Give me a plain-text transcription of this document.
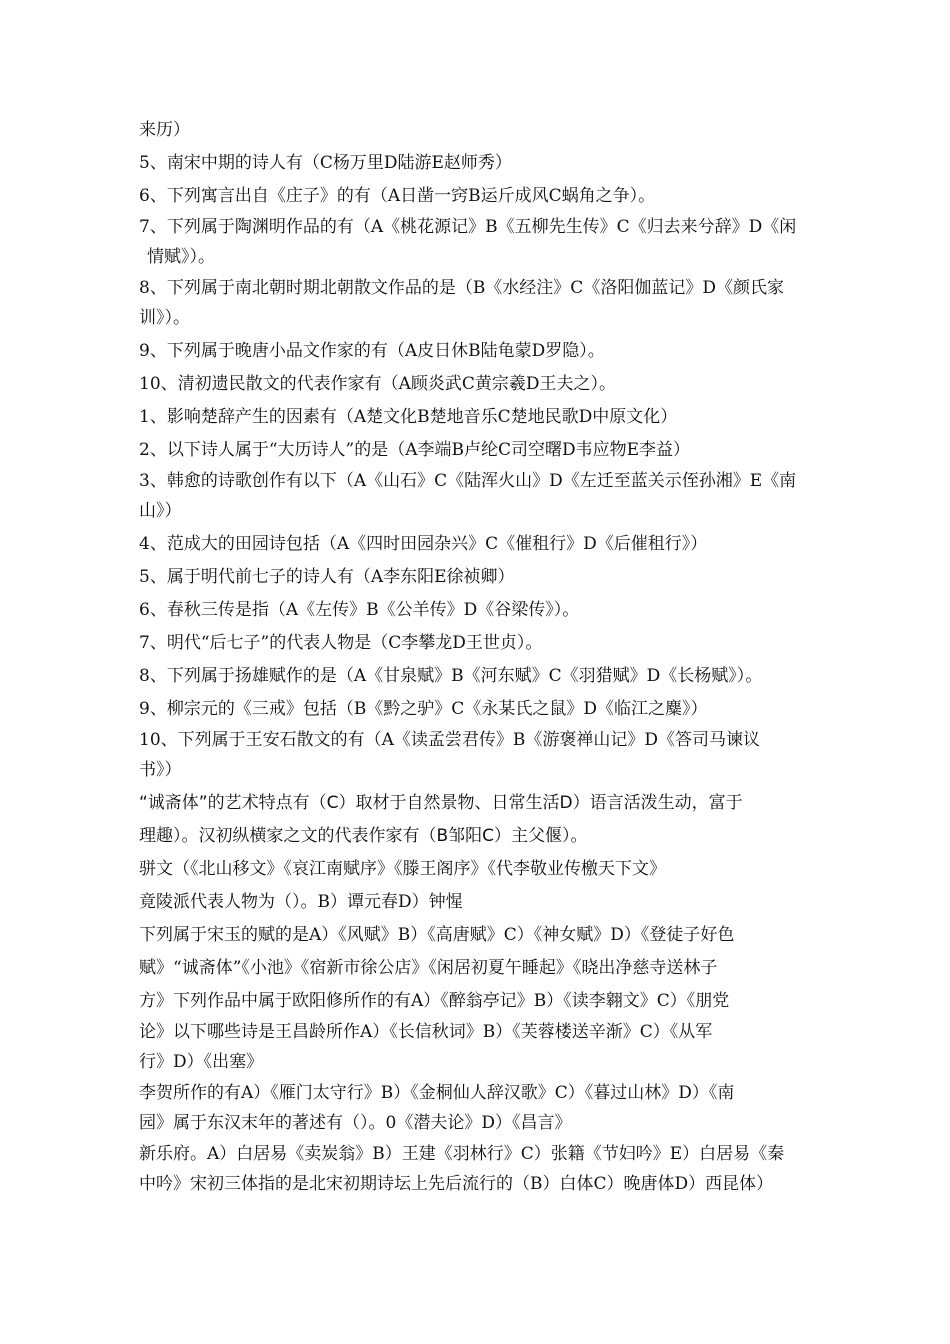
来历）
5、南宋中期的诗人有（C杨万里D陆游E赵师秀）
6、下列寓言出自《庄子》的有（A日凿一窍B运斤成风C蜗角之争）。
7、下列属于陶渊明作品的有（A《桃花源记》B《五柳先生传》C《归去来兮辞》D《闲
情赋》）。
8、下列属于南北朝时期北朝散文作品的是（B《水经注》C《洛阳伽蓝记》D《颜氏家
训》）。
9、下列属于晚唐小品文作家的有（A皮日休B陆龟蒙D罗隐）。
10、清初遗民散文的代表作家有（A顾炎武C黄宗羲D王夫之）。
1、影响楚辞产生的因素有（A楚文化B楚地音乐C楚地民歌D中原文化）
2、以下诗人属于“大历诗人”的是（A李端B卢纶C司空曙D韦应物E李益）
3、韩愈的诗歌创作有以下（A《山石》C《陆浑火山》D《左迁至蓝关示侄孙湘》E《南
山》）
4、范成大的田园诗包括（A《四时田园杂兴》C《催租行》D《后催租行》）
5、属于明代前七子的诗人有（A李东阳E徐祯卿）
6、春秋三传是指（A《左传》B《公羊传》D《谷梁传》）。
7、明代“后七子”的代表人物是（C李攀龙D王世贞）。
8、下列属于扬雄赋作的是（A《甘泉赋》B《河东赋》C《羽猎赋》D《长杨赋》）。
9、柳宗元的《三戒》包括（B《黔之驴》C《永某氏之鼠》D《临江之麋》）
10、下列属于王安石散文的有（A《读孟尝君传》B《游褒禅山记》D《答司马谏议
书》）
“诚斋体”的艺术特点有（C）取材于自然景物、日常生活D）语言活泼生动，富于
理趣）。汉初纵横家之文的代表作家有（B邹阳C）主父偃）。
骈文（《北山移文》《哀江南赋序》《滕王阁序》《代李敬业传檄天下文》
竟陵派代表人物为（）。B）谭元春D）钟惺
下列属于宋玉的赋的是A）《风赋》B）《高唐赋》C）《神女赋》D）《登徒子好色
赋》“诚斋体”《小池》《宿新市徐公店》《闲居初夏午睡起》《晓出净慈寺送林子
方》下列作品中属于欧阳修所作的有A）《醉翁亭记》B）《读李翱文》C）《朋党
论》以下哪些诗是王昌龄所作A）《长信秋词》B）《芙蓉楼送辛渐》C）《从军
行》D）《出塞》
李贺所作的有A）《雁门太守行》B）《金桐仙人辞汉歌》C）《暮过山林》D）《南
园》属于东汉末年的著述有（）。0《潜夫论》D）《昌言》
新乐府。A）白居易《卖炭翁》B）王建《羽林行》C）张籍《节妇吟》E）白居易《秦
中吟》宋初三体指的是北宋初期诗坛上先后流行的（B）白体C）晚唐体D）西昆体）
